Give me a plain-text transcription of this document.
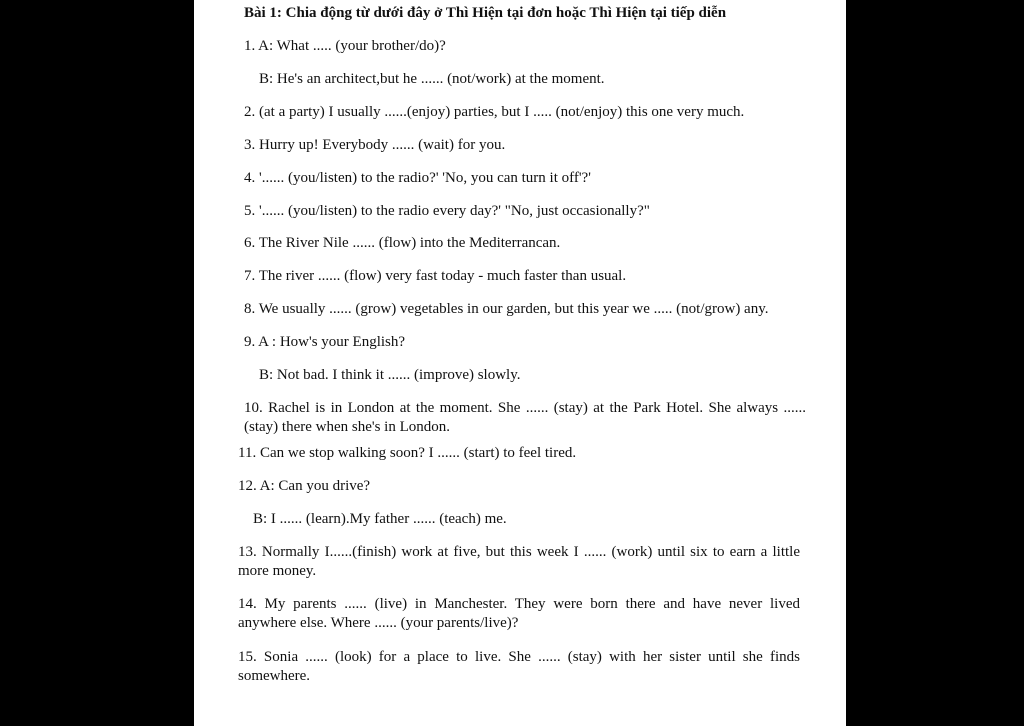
Bài 1: Chia động từ dưới đây ở Thì Hiện tại đơn hoặc Thì Hiện tại tiếp diễn
1. A: What ..... (your brother/do)?
B: He's an architect,but he ...... (not/work) at the moment.
2. (at a party) I usually ......(enjoy) parties, but I ..... (not/enjoy) this one very much.
3. Hurry up! Everybody ...... (wait) for you.
4. '...... (you/listen) to the radio?' 'No, you can turn it off'?'
5. '...... (you/listen) to the radio every day?' "No, just occasionally?"
6. The River Nile ...... (flow) into the Mediterrancan.
7. The river ...... (flow) very fast today - much faster than usual.
8. We usually ...... (grow) vegetables in our garden, but this year we ..... (not/grow) any.
9. A : How's your English?
B: Not bad. I think it ...... (improve) slowly.
10. Rachel is in London at the moment. She ...... (stay) at the Park Hotel. She always ...... (stay) there when she's in London.
11. Can we stop walking soon? I ...... (start) to feel tired.
12. A: Can you drive?
B: I ...... (learn).My father ...... (teach) me.
13. Normally I......(finish) work at five, but this week I ...... (work) until six to earn a little more money.
14. My parents ...... (live) in Manchester. They were born there and have never lived anywhere else. Where ...... (your parents/live)?
15. Sonia ...... (look) for a place to live. She ...... (stay) with her sister until she finds somewhere.
